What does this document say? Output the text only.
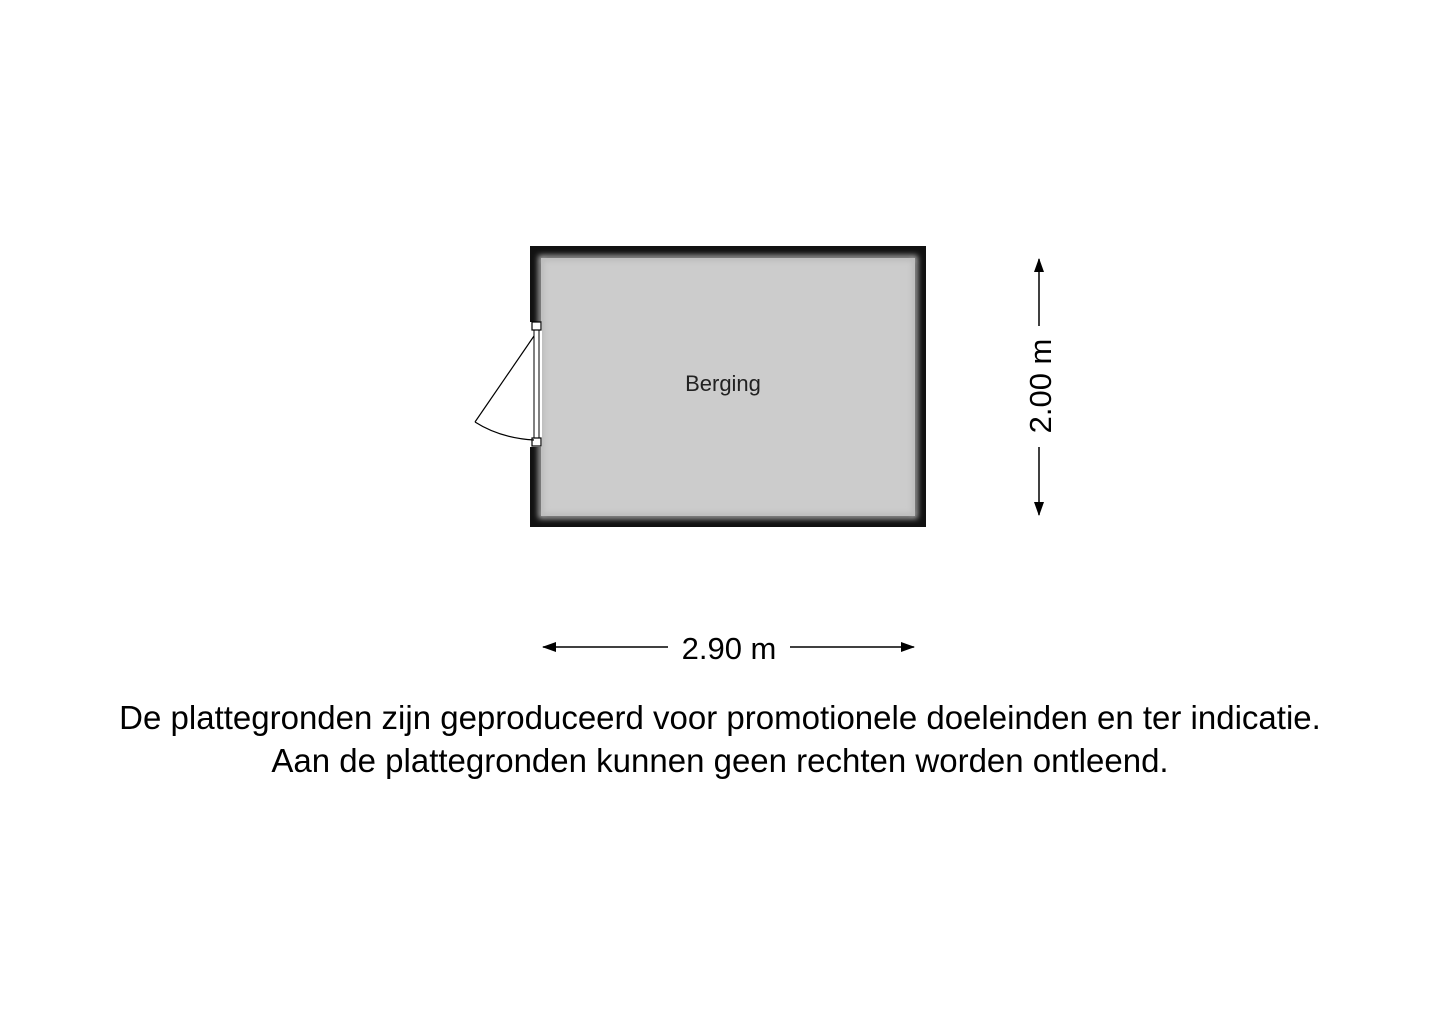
Berging
2.90 m
2.00 m
De plattegronden zijn geproduceerd voor promotionele doeleinden en ter indicatie.
Aan de plattegronden kunnen geen rechten worden ontleend.
